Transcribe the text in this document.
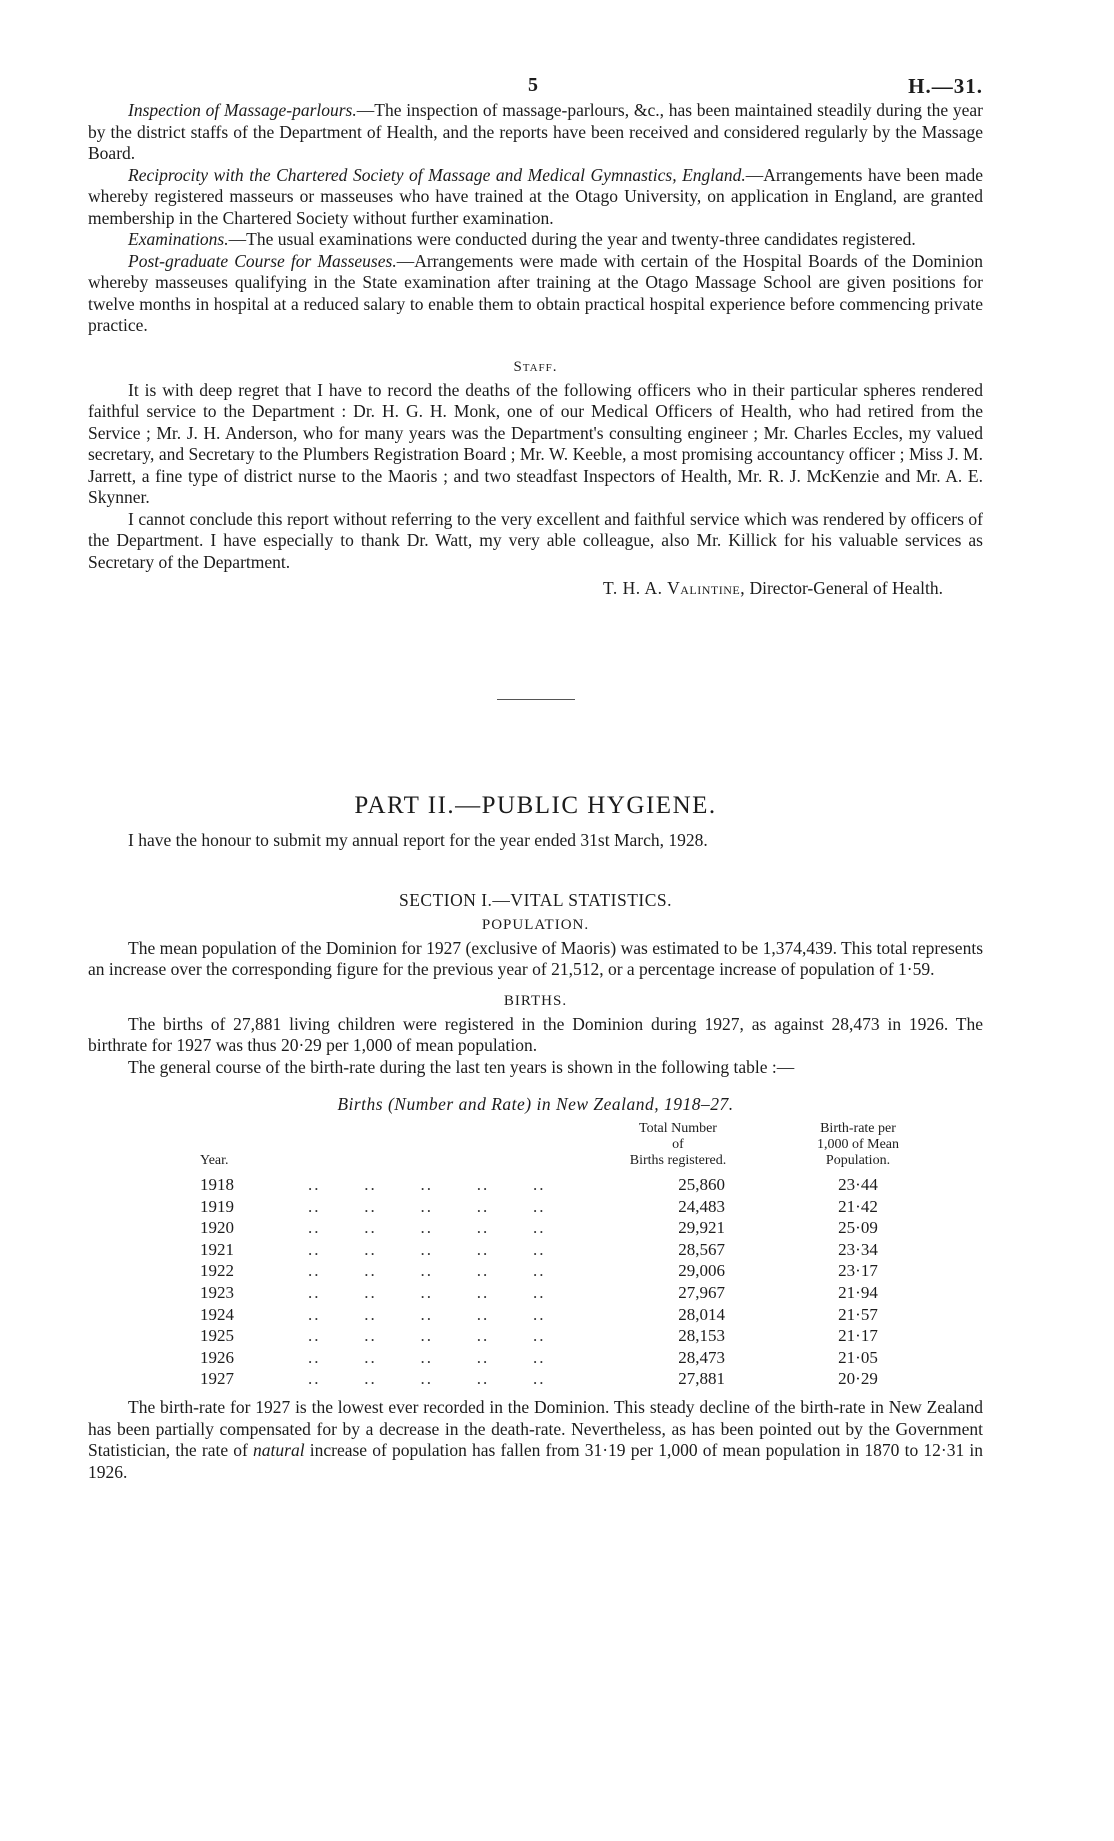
5	H.—31.

Inspection of Massage-parlours.—The inspection of massage-parlours, &c., has been maintained steadily during the year by the district staffs of the Department of Health, and the reports have been received and considered regularly by the Massage Board.

Reciprocity with the Chartered Society of Massage and Medical Gymnastics, England.—Arrangements have been made whereby registered masseurs or masseuses who have trained at the Otago University, on application in England, are granted membership in the Chartered Society without further examination.

Examinations.—The usual examinations were conducted during the year and twenty-three candidates registered.

Post-graduate Course for Masseuses.—Arrangements were made with certain of the Hospital Boards of the Dominion whereby masseuses qualifying in the State examination after training at the Otago Massage School are given positions for twelve months in hospital at a reduced salary to enable them to obtain practical hospital experience before commencing private practice.

Staff.

It is with deep regret that I have to record the deaths of the following officers who in their particular spheres rendered faithful service to the Department : Dr. H. G. H. Monk, one of our Medical Officers of Health, who had retired from the Service ; Mr. J. H. Anderson, who for many years was the Department's consulting engineer ; Mr. Charles Eccles, my valued secretary, and Secretary to the Plumbers Registration Board ; Mr. W. Keeble, a most promising accountancy officer ; Miss J. M. Jarrett, a fine type of district nurse to the Maoris ; and two steadfast Inspectors of Health, Mr. R. J. McKenzie and Mr. A. E. Skynner.

I cannot conclude this report without referring to the very excellent and faithful service which was rendered by officers of the Department. I have especially to thank Dr. Watt, my very able colleague, also Mr. Killick for his valuable services as Secretary of the Department.

T. H. A. Valintine, Director-General of Health.
PART II.—PUBLIC HYGIENE.

I have the honour to submit my annual report for the year ended 31st March, 1928.

SECTION I.—VITAL STATISTICS.
POPULATION.

The mean population of the Dominion for 1927 (exclusive of Maoris) was estimated to be 1,374,439. This total represents an increase over the corresponding figure for the previous year of 21,512, or a percentage increase of population of 1·59.

BIRTHS.

The births of 27,881 living children were registered in the Dominion during 1927, as against 28,473 in 1926. The birthrate for 1927 was thus 20·29 per 1,000 of mean population.

The general course of the birth-rate during the last ten years is shown in the following table :—

Births (Number and Rate) in New Zealand, 1918–27.
Year.
Total Number
of
Births registered.
Birth-rate per
1,000 of Mean
Population.
1918	..       ..       ..       ..       ..	25,860	23·44
1919	..       ..       ..       ..       ..	24,483	21·42
1920	..       ..       ..       ..       ..	29,921	25·09
1921	..       ..       ..       ..       ..	28,567	23·34
1922	..       ..       ..       ..       ..	29,006	23·17
1923	..       ..       ..       ..       ..	27,967	21·94
1924	..       ..       ..       ..       ..	28,014	21·57
1925	..       ..       ..       ..       ..	28,153	21·17
1926	..       ..       ..       ..       ..	28,473	21·05
1927	..       ..       ..       ..       ..	27,881	20·29

The birth-rate for 1927 is the lowest ever recorded in the Dominion. This steady decline of the birth-rate in New Zealand has been partially compensated for by a decrease in the death-rate. Nevertheless, as has been pointed out by the Government Statistician, the rate of natural increase of population has fallen from 31·19 per 1,000 of mean population in 1870 to 12·31 in 1926.
